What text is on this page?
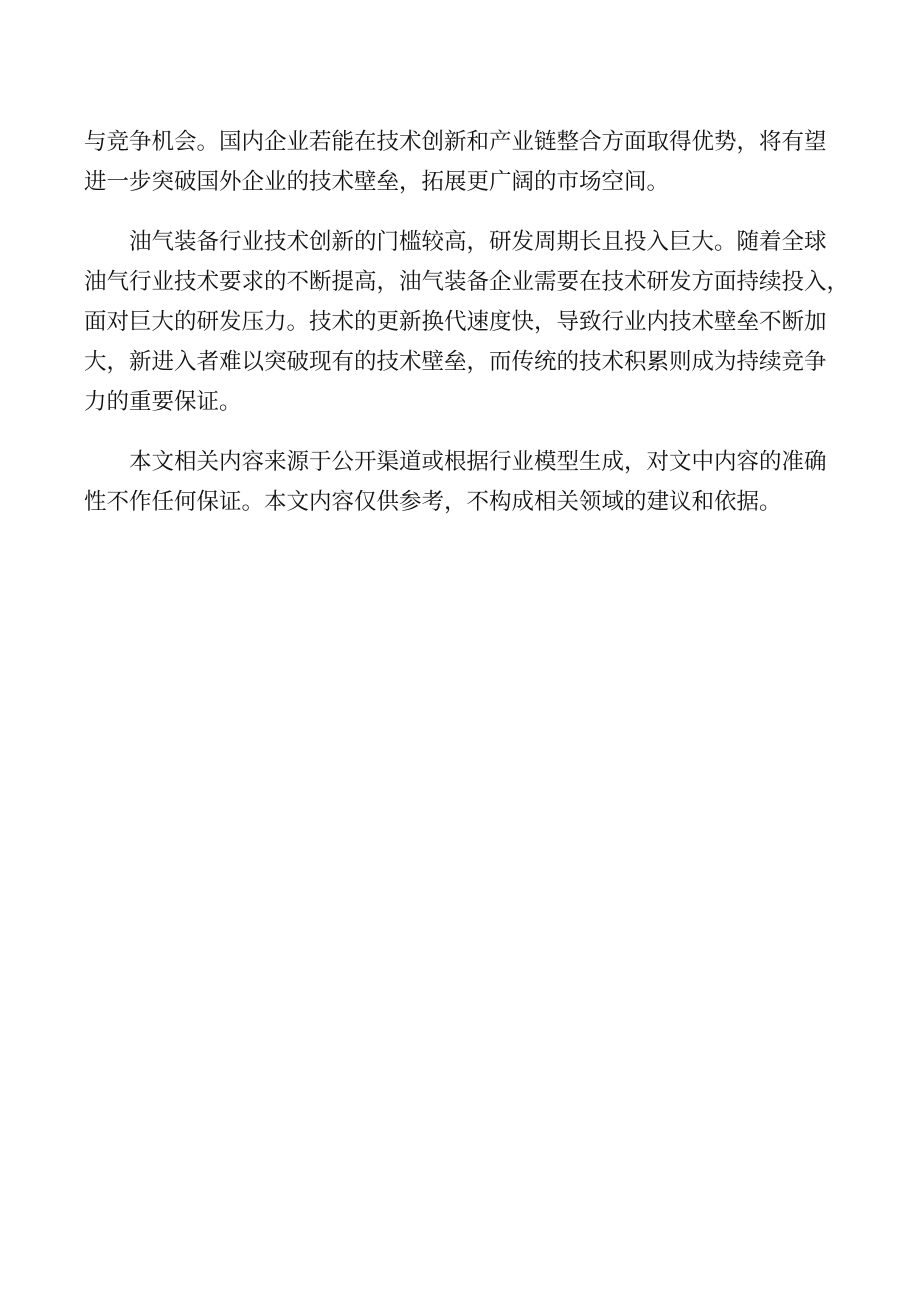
与竞争机会。国内企业若能在技术创新和产业链整合方面取得优势，将有望
进一步突破国外企业的技术壁垒，拓展更广阔的市场空间。
油气装备行业技术创新的门槛较高，研发周期长且投入巨大。随着全球
油气行业技术要求的不断提高，油气装备企业需要在技术研发方面持续投入，
面对巨大的研发压力。技术的更新换代速度快，导致行业内技术壁垒不断加
大，新进入者难以突破现有的技术壁垒，而传统的技术积累则成为持续竞争
力的重要保证。
本文相关内容来源于公开渠道或根据行业模型生成，对文中内容的准确
性不作任何保证。本文内容仅供参考，不构成相关领域的建议和依据。
